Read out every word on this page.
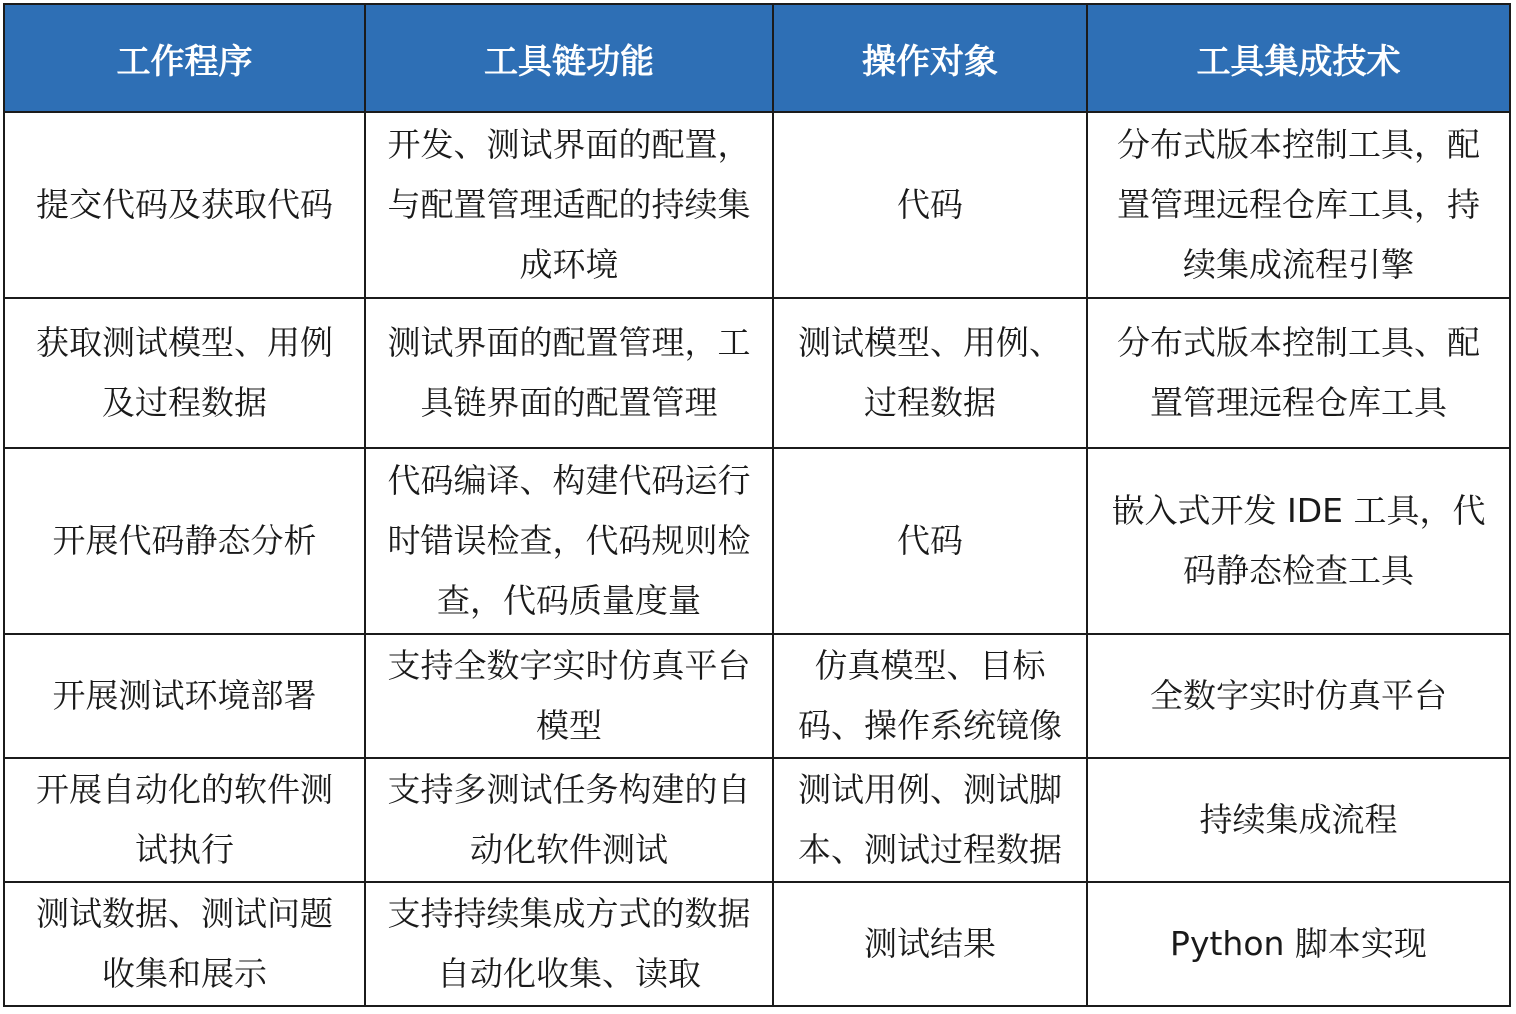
工作程序	工具链功能	操作对象	工具集成技术
提交代码及获取代码	开发、测试界面的配置，与配置管理适配的持续集成环境	代码	分布式版本控制工具，配置管理远程仓库工具，持续集成流程引擎
获取测试模型、用例及过程数据	测试界面的配置管理，工具链界面的配置管理	测试模型、用例、过程数据	分布式版本控制工具、配置管理远程仓库工具
开展代码静态分析	代码编译、构建代码运行时错误检查，代码规则检查，代码质量度量	代码	嵌入式开发 IDE 工具，代码静态检查工具
开展测试环境部署	支持全数字实时仿真平台模型	仿真模型、目标码、操作系统镜像	全数字实时仿真平台
开展自动化的软件测试执行	支持多测试任务构建的自动化软件测试	测试用例、测试脚本、测试过程数据	持续集成流程
测试数据、测试问题收集和展示	支持持续集成方式的数据自动化收集、读取	测试结果	Python 脚本实现
